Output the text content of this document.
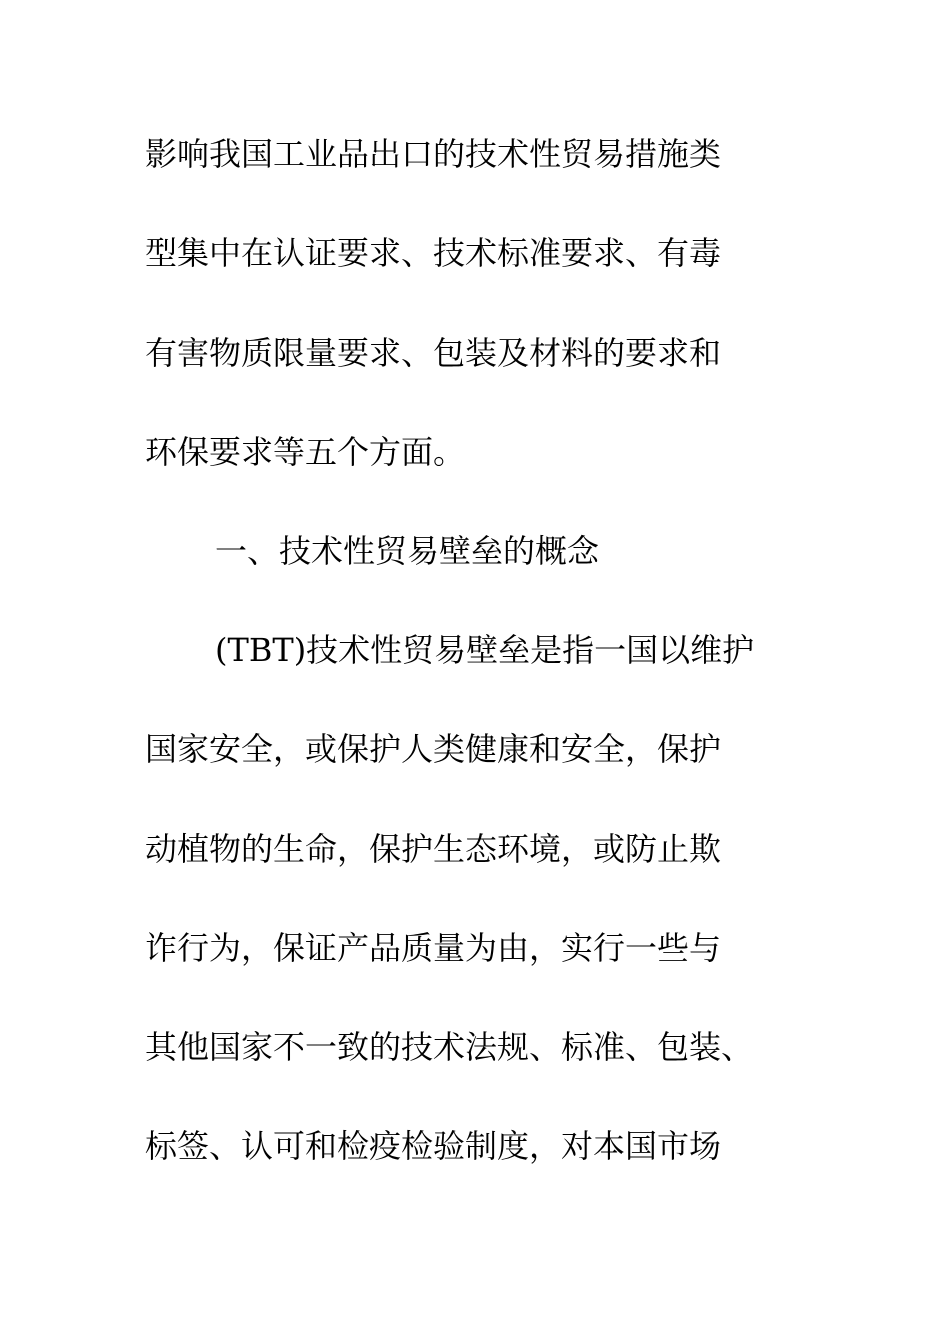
影响我国工业品出口的技术性贸易措施类
型集中在认证要求、技术标准要求、有毒
有害物质限量要求、包装及材料的要求和
环保要求等五个方面。
一、技术性贸易壁垒的概念
(TBT)技术性贸易壁垒是指一国以维护
国家安全，或保护人类健康和安全，保护
动植物的生命，保护生态环境，或防止欺
诈行为，保证产品质量为由，实行一些与
其他国家不一致的技术法规、标准、包装、
标签、认可和检疫检验制度，对本国市场
